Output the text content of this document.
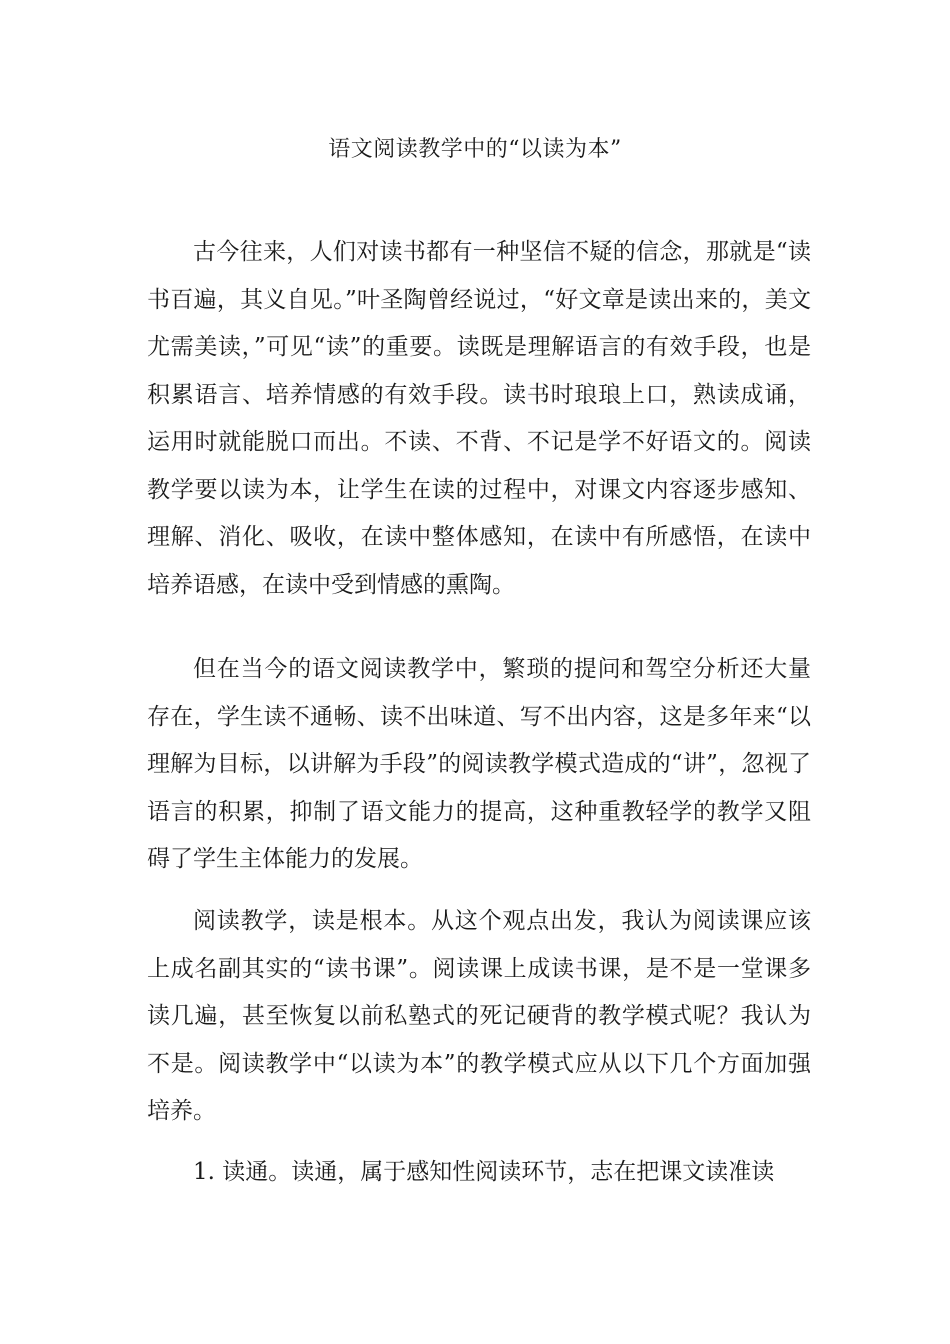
语文阅读教学中的“以读为本”

古今往来，人们对读书都有一种坚信不疑的信念，那就是“读书百遍，其义自见。”叶圣陶曾经说过，“好文章是读出来的，美文尤需美读，”可见“读”的重要。读既是理解语言的有效手段，也是积累语言、培养情感的有效手段。读书时琅琅上口，熟读成诵，运用时就能脱口而出。不读、不背、不记是学不好语文的。阅读教学要以读为本，让学生在读的过程中，对课文内容逐步感知、理解、消化、吸收，在读中整体感知，在读中有所感悟，在读中培养语感，在读中受到情感的熏陶。

但在当今的语文阅读教学中，繁琐的提问和驾空分析还大量存在，学生读不通畅、读不出味道、写不出内容，这是多年来“以理解为目标，以讲解为手段”的阅读教学模式造成的“讲”，忽视了语言的积累，抑制了语文能力的提高，这种重教轻学的教学又阻碍了学生主体能力的发展。

阅读教学，读是根本。从这个观点出发，我认为阅读课应该上成名副其实的“读书课”。阅读课上成读书课，是不是一堂课多读几遍，甚至恢复以前私塾式的死记硬背的教学模式呢？我认为不是。阅读教学中“以读为本”的教学模式应从以下几个方面加强培养。

1. 读通。读通，属于感知性阅读环节，志在把课文读准读
